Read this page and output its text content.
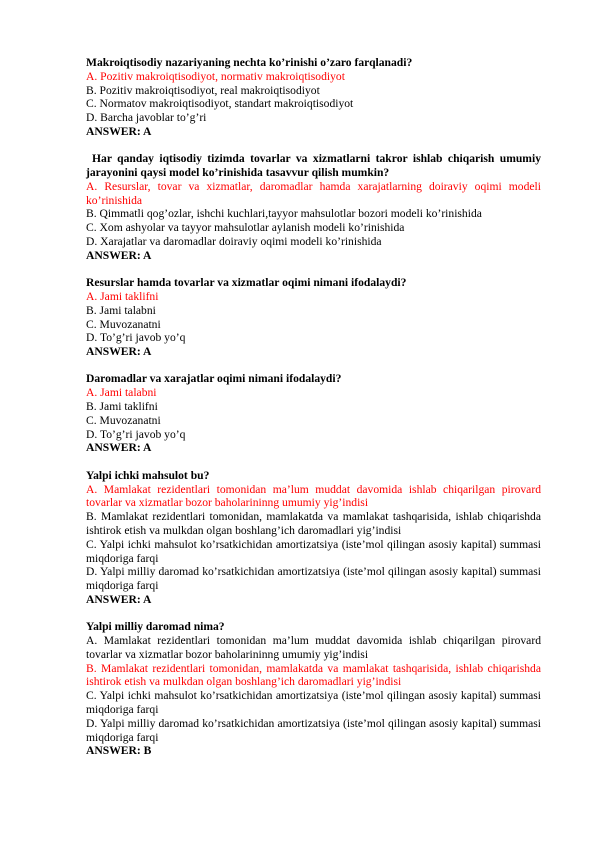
Makroiqtisodiy nazariyaning nechta ko’rinishi o’zaro farqlanadi?
A. Pozitiv makroiqtisodiyot, normativ makroiqtisodiyot
B. Pozitiv makroiqtisodiyot, real makroiqtisodiyot
C. Normatov makroiqtisodiyot, standart makroiqtisodiyot
D. Barcha javoblar to’g’ri
ANSWER: A
Har qanday iqtisodiy tizimda tovarlar va xizmatlarni takror ishlab chiqarish umumiy jarayonini qaysi model ko’rinishida tasavvur qilish mumkin?
A. Resurslar, tovar va xizmatlar, daromadlar hamda xarajatlarning doiraviy oqimi modeli ko’rinishida
B. Qimmatli qog’ozlar, ishchi kuchlari,tayyor mahsulotlar bozori modeli ko’rinishida
C. Xom ashyolar va tayyor mahsulotlar aylanish modeli ko’rinishida
D. Xarajatlar va daromadlar doiraviy oqimi modeli ko’rinishida
ANSWER: A
Resurslar hamda tovarlar va xizmatlar oqimi nimani ifodalaydi?
A. Jami taklifni
B. Jami talabni
C. Muvozanatni
D. To’g’ri javob yo’q
ANSWER: A
Daromadlar va xarajatlar oqimi nimani ifodalaydi?
A. Jami talabni
B. Jami taklifni
C. Muvozanatni
D. To’g’ri javob yo’q
ANSWER: A
Yalpi ichki mahsulot bu?
A. Mamlakat rezidentlari tomonidan ma’lum muddat davomida ishlab chiqarilgan pirovard tovarlar va xizmatlar bozor baholarininng umumiy yig’indisi
B. Mamlakat rezidentlari tomonidan, mamlakatda va mamlakat tashqarisida, ishlab chiqarishda ishtirok etish va mulkdan olgan boshlang’ich daromadlari yig’indisi
C. Yalpi ichki mahsulot ko’rsatkichidan amortizatsiya (iste’mol qilingan asosiy kapital) summasi miqdoriga farqi
D. Yalpi milliy daromad ko’rsatkichidan amortizatsiya (iste’mol qilingan asosiy kapital) summasi miqdoriga farqi
ANSWER: A
Yalpi milliy daromad nima?
A. Mamlakat rezidentlari tomonidan ma’lum muddat davomida ishlab chiqarilgan pirovard tovarlar va xizmatlar bozor baholarininng umumiy yig’indisi
B. Mamlakat rezidentlari tomonidan, mamlakatda va mamlakat tashqarisida, ishlab chiqarishda ishtirok etish va mulkdan olgan boshlang’ich daromadlari yig’indisi
C. Yalpi ichki mahsulot ko’rsatkichidan amortizatsiya (iste’mol qilingan asosiy kapital) summasi miqdoriga farqi
D. Yalpi milliy daromad ko’rsatkichidan amortizatsiya (iste’mol qilingan asosiy kapital) summasi miqdoriga farqi
ANSWER: B
